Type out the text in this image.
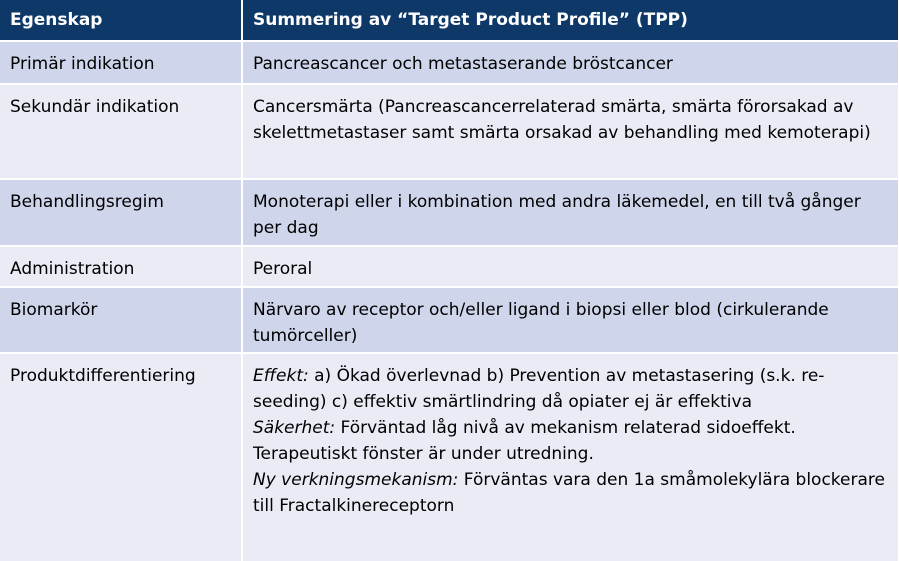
Egenskap	Summering av “Target Product Profile” (TPP)
Primär indikation	Pancreascancer och metastaserande bröstcancer
Sekundär indikation	Cancersmärta (Pancreascancerrelaterad smärta, smärta förorsakad av skelettmetastaser samt smärta orsakad av behandling med kemoterapi)
Behandlingsregim	Monoterapi eller i kombination med andra läkemedel, en till två gånger per dag
Administration	Peroral
Biomarkör	Närvaro av receptor och/eller ligand i biopsi eller blod (cirkulerande tumörceller)
Produktdifferentiering	Effekt: a) Ökad överlevnad b) Prevention av metastasering (s.k. re-seeding) c) effektiv smärtlindring då opiater ej är effektiva
Säkerhet: Förväntad låg nivå av mekanism relaterad sidoeffekt. Terapeutiskt fönster är under utredning.
Ny verkningsmekanism: Förväntas vara den 1a småmolekylära blockerare till Fractalkinereceptorn
